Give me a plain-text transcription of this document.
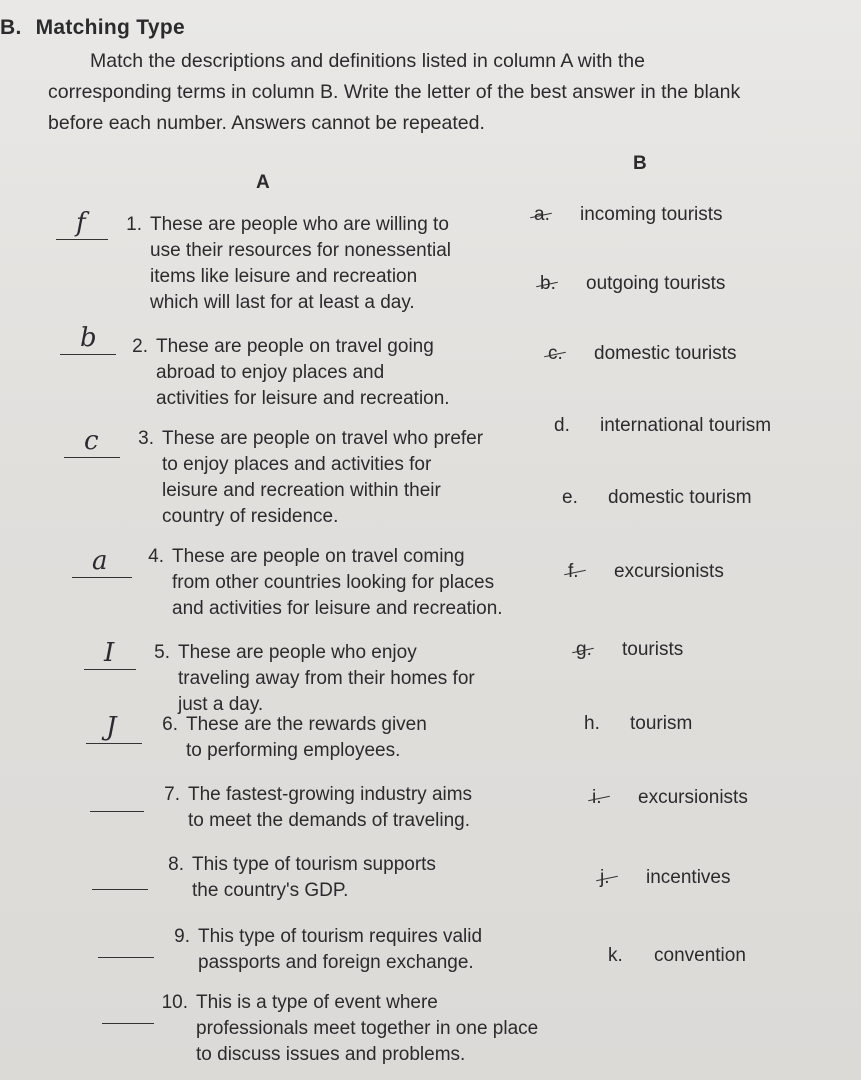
B. Matching Type
Match the descriptions and definitions listed in column A with the corresponding terms in column B. Write the letter of the best answer in the blank before each number. Answers cannot be repeated.
A
B
f	1. These are people who are willing to use their resources for nonessential items like leisure and recreation which will last for at least a day.
b	2. These are people on travel going abroad to enjoy places and activities for leisure and recreation.
c	3. These are people on travel who prefer to enjoy places and activities for leisure and recreation within their country of residence.
a	4. These are people on travel coming from other countries looking for places and activities for leisure and recreation.
I	5. These are people who enjoy traveling away from their homes for just a day.
J	6. These are the rewards given to performing employees.
7. The fastest-growing industry aims to meet the demands of traveling.
8. This type of tourism supports the country's GDP.
9. This type of tourism requires valid passports and foreign exchange.
10. This is a type of event where professionals meet together in one place to discuss issues and problems.
a. incoming tourists
b. outgoing tourists
c. domestic tourists
d. international tourism
e. domestic tourism
f. excursionists
g. tourists
h. tourism
i. excursionists
j. incentives
k. convention
